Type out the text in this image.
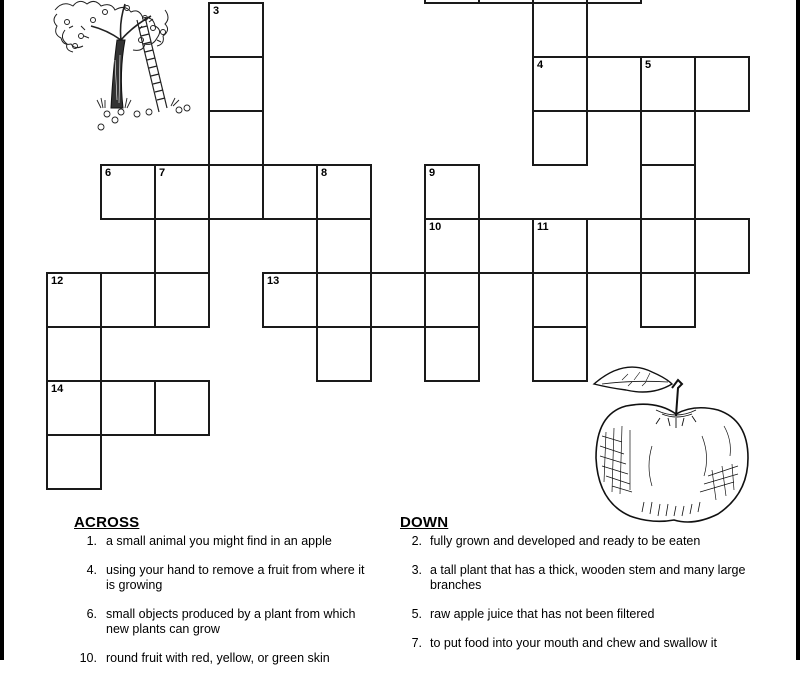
3
4	5
6	7	8	9
10	11
12	13
14
ACROSS
1. a small animal you might find in an apple
4. using your hand to remove a fruit from where it is growing
6. small objects produced by a plant from which new plants can grow
10. round fruit with red, yellow, or green skin
DOWN
2. fully grown and developed and ready to be eaten
3. a tall plant that has a thick, wooden stem and many large branches
5. raw apple juice that has not been filtered
7. to put food into your mouth and chew and swallow it
